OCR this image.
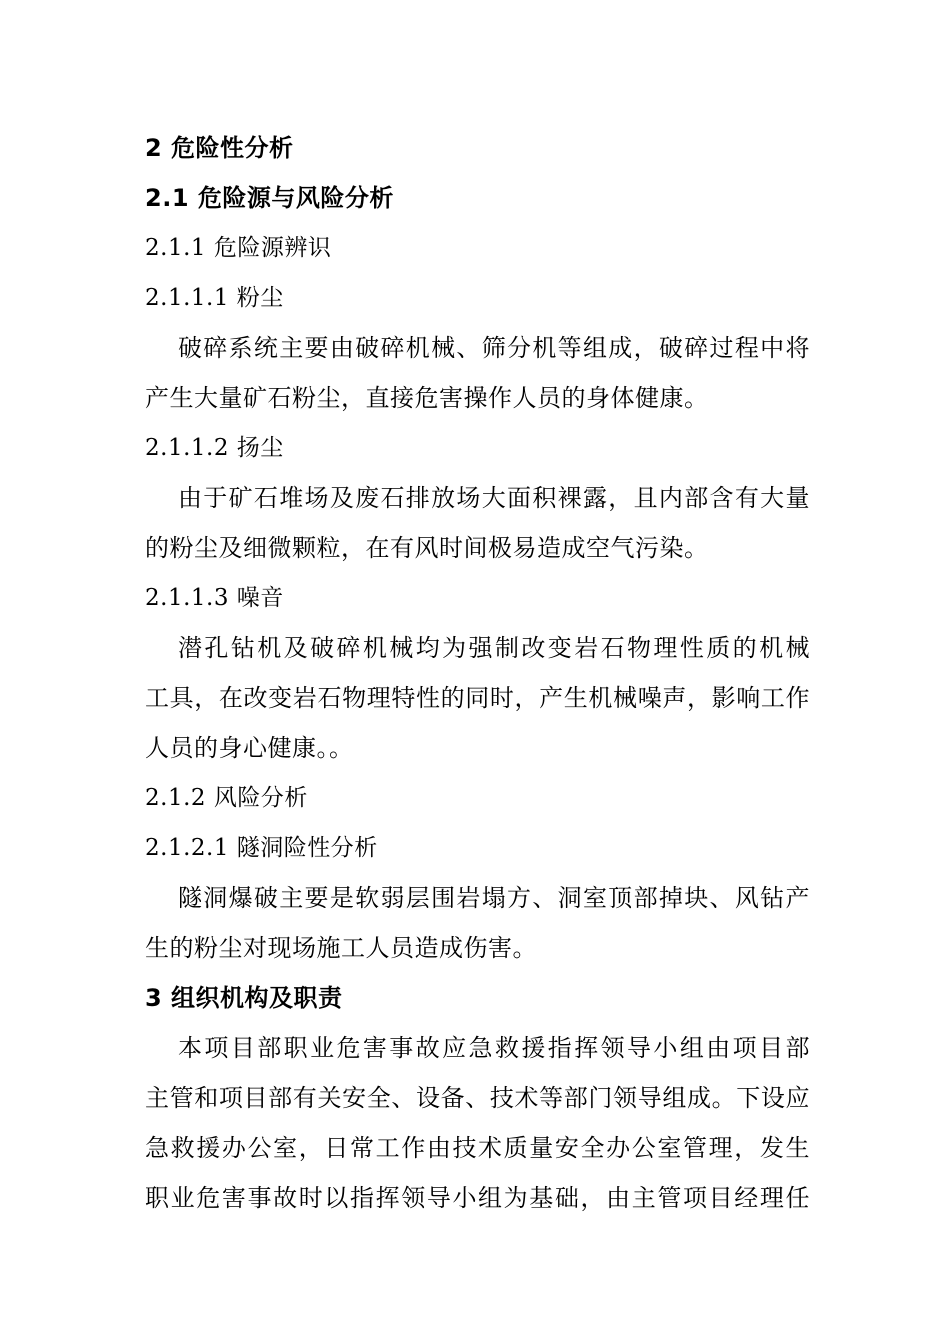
2 危险性分析
2.1 危险源与风险分析
2.1.1 危险源辨识
2.1.1.1 粉尘
破碎系统主要由破碎机械、筛分机等组成，破碎过程中将
产生大量矿石粉尘，直接危害操作人员的身体健康。
2.1.1.2 扬尘
由于矿石堆场及废石排放场大面积裸露，且内部含有大量
的粉尘及细微颗粒，在有风时间极易造成空气污染。
2.1.1.3 噪音
潜孔钻机及破碎机械均为强制改变岩石物理性质的机械
工具，在改变岩石物理特性的同时，产生机械噪声，影响工作
人员的身心健康。。
2.1.2 风险分析
2.1.2.1 隧洞险性分析
隧洞爆破主要是软弱层围岩塌方、洞室顶部掉块、风钻产
生的粉尘对现场施工人员造成伤害。
3 组织机构及职责
本项目部职业危害事故应急救援指挥领导小组由项目部
主管和项目部有关安全、设备、技术等部门领导组成。下设应
急救援办公室，日常工作由技术质量安全办公室管理，发生
职业危害事故时以指挥领导小组为基础，由主管项目经理任
